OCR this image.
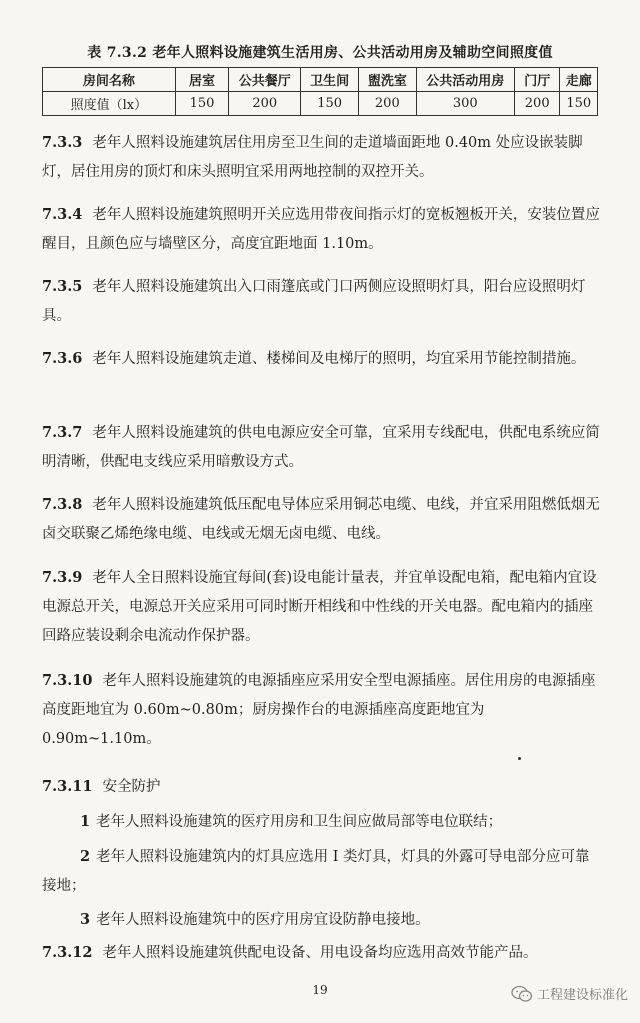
表 7.3.2 老年人照料设施建筑生活用房、公共活动用房及辅助空间照度值
房间名称	居室	公共餐厅	卫生间	盥洗室	公共活动用房	门厅	走廊
照度值（lx）	150	200	150	200	300	200	150
7.3.3 老年人照料设施建筑居住用房至卫生间的走道墙面距地 0.40m 处应设嵌装脚灯，居住用房的顶灯和床头照明宜采用两地控制的双控开关。
7.3.4 老年人照料设施建筑照明开关应选用带夜间指示灯的宽板翘板开关，安装位置应醒目，且颜色应与墙壁区分，高度宜距地面 1.10m。
7.3.5 老年人照料设施建筑出入口雨篷底或门口两侧应设照明灯具，阳台应设照明灯具。
7.3.6 老年人照料设施建筑走道、楼梯间及电梯厅的照明，均宜采用节能控制措施。
7.3.7 老年人照料设施建筑的供电电源应安全可靠，宜采用专线配电，供配电系统应简明清晰，供配电支线应采用暗敷设方式。
7.3.8 老年人照料设施建筑低压配电导体应采用铜芯电缆、电线，并宜采用阻燃低烟无卤交联聚乙烯绝缘电缆、电线或无烟无卤电缆、电线。
7.3.9 老年人全日照料设施宜每间(套)设电能计量表，并宜单设配电箱，配电箱内宜设电源总开关，电源总开关应采用可同时断开相线和中性线的开关电器。配电箱内的插座回路应装设剩余电流动作保护器。
7.3.10 老年人照料设施建筑的电源插座应采用安全型电源插座。居住用房的电源插座高度距地宜为 0.60m~0.80m；厨房操作台的电源插座高度距地宜为 0.90m~1.10m。
7.3.11 安全防护
1 老年人照料设施建筑的医疗用房和卫生间应做局部等电位联结；
2 老年人照料设施建筑内的灯具应选用 I 类灯具，灯具的外露可导电部分应可靠接地；
3 老年人照料设施建筑中的医疗用房宜设防静电接地。
7.3.12 老年人照料设施建筑供配电设备、用电设备均应选用高效节能产品。
19	工程建设标准化
